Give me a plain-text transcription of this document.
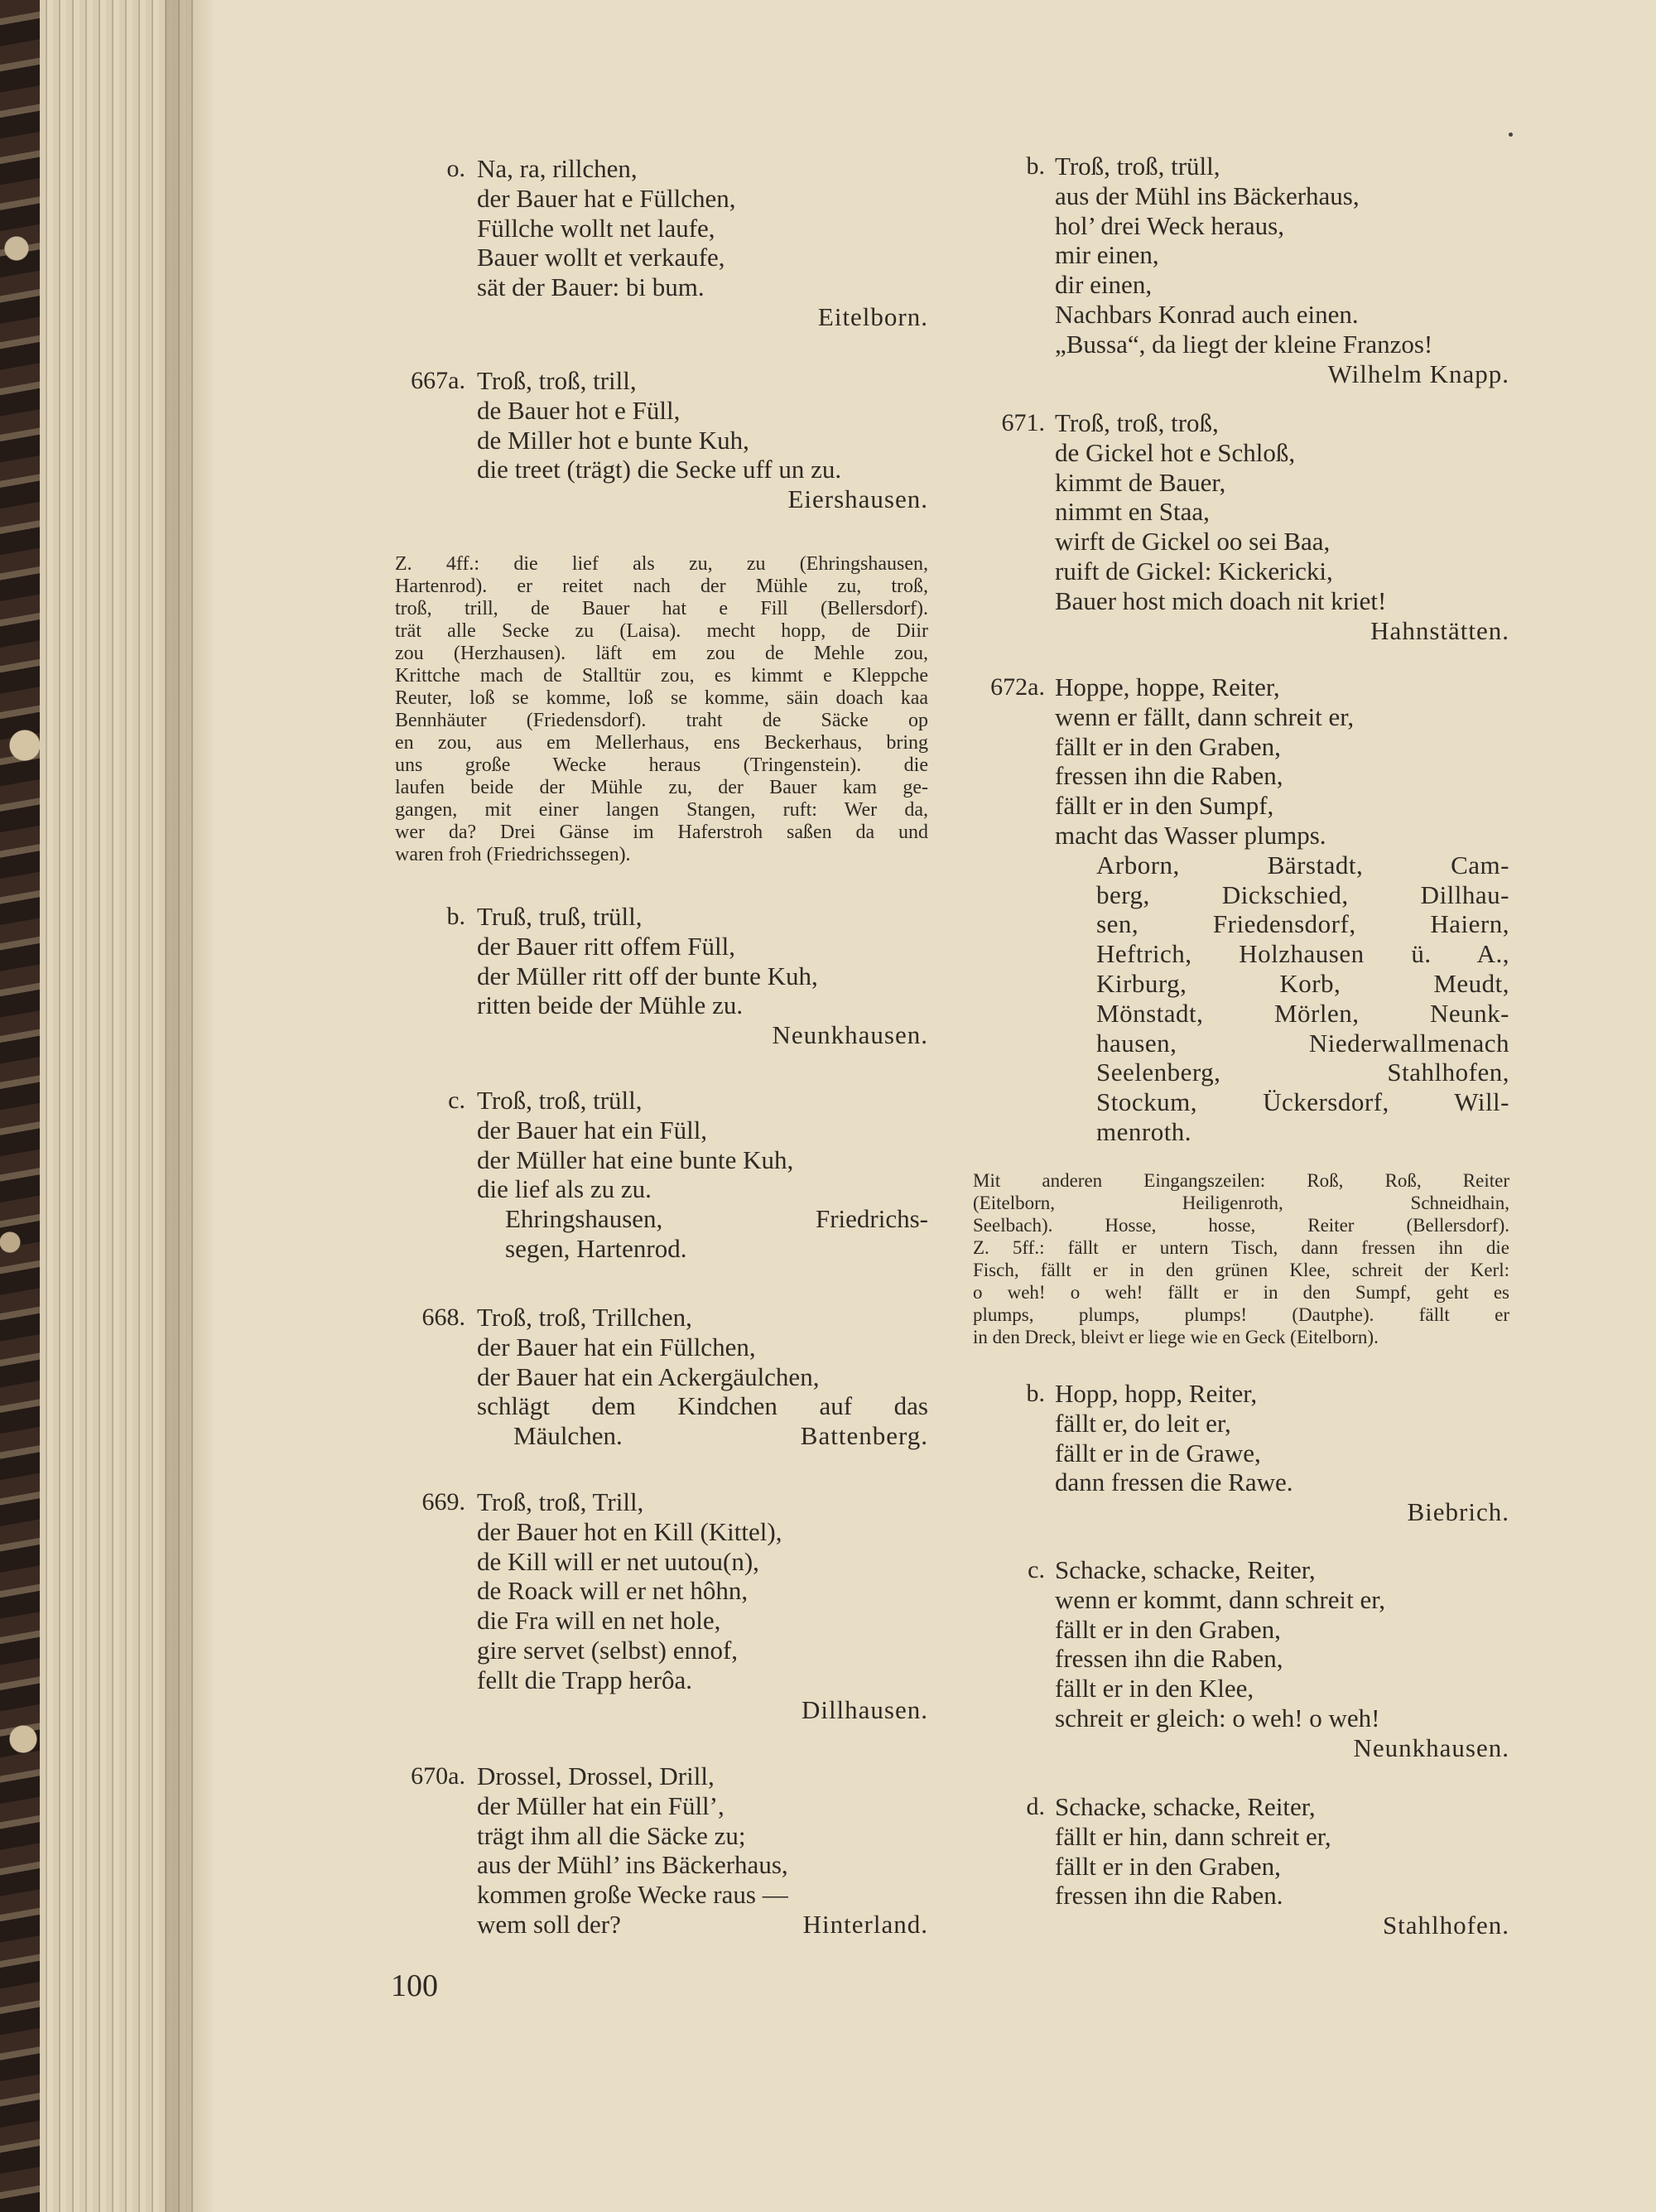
o. Na, ra, rillchen,
der Bauer hat e Füllchen,
Füllche wollt net laufe,
Bauer wollt et verkaufe,
sät der Bauer: bi bum.
Eitelborn.
667a. Troß, troß, trill,
de Bauer hot e Füll,
de Miller hot e bunte Kuh,
die treet (trägt) die Secke uff un zu.
Eiershausen.
Z. 4ff.: die lief als zu, zu (Ehringshausen,
Hartenrod). er reitet nach der Mühle zu, troß,
troß, trill, de Bauer hat e Fill (Bellersdorf).
trät alle Secke zu (Laisa). mecht hopp, de Diir
zou (Herzhausen). läft em zou de Mehle zou,
Krittche mach de Stalltür zou, es kimmt e Kleppche
Reuter, loß se komme, loß se komme, säin doach kaa
Bennhäuter (Friedensdorf). traht de Säcke op
en zou, aus em Mellerhaus, ens Beckerhaus, bring
uns große Wecke heraus (Tringenstein). die
laufen beide der Mühle zu, der Bauer kam ge-
gangen, mit einer langen Stangen, ruft: Wer da,
wer da? Drei Gänse im Haferstroh saßen da und
waren froh (Friedrichssegen).
b. Truß, truß, trüll,
der Bauer ritt offem Füll,
der Müller ritt off der bunte Kuh,
ritten beide der Mühle zu.
Neunkhausen.
c. Troß, troß, trüll,
der Bauer hat ein Füll,
der Müller hat eine bunte Kuh,
die lief als zu zu.
Ehringshausen, Friedrichs-
segen, Hartenrod.
668. Troß, troß, Trillchen,
der Bauer hat ein Füllchen,
der Bauer hat ein Ackergäulchen,
schlägt dem Kindchen auf das
Mäulchen.	Battenberg.
669. Troß, troß, Trill,
der Bauer hot en Kill (Kittel),
de Kill will er net uutou(n),
de Roack will er net hôhn,
die Fra will en net hole,
gire servet (selbst) ennof,
fellt die Trapp herôa.
Dillhausen.
670a. Drossel, Drossel, Drill,
der Müller hat ein Füll’,
trägt ihm all die Säcke zu;
aus der Mühl’ ins Bäckerhaus,
kommen große Wecke raus —
wem soll der?	Hinterland.
b. Troß, troß, trüll,
aus der Mühl ins Bäckerhaus,
hol’ drei Weck heraus,
mir einen,
dir einen,
Nachbars Konrad auch einen.
„Bussa“, da liegt der kleine Franzos!
Wilhelm Knapp.
671. Troß, troß, troß,
de Gickel hot e Schloß,
kimmt de Bauer,
nimmt en Staa,
wirft de Gickel oo sei Baa,
ruift de Gickel: Kickericki,
Bauer host mich doach nit kriet!
Hahnstätten.
672a. Hoppe, hoppe, Reiter,
wenn er fällt, dann schreit er,
fällt er in den Graben,
fressen ihn die Raben,
fällt er in den Sumpf,
macht das Wasser plumps.
Arborn, Bärstadt, Cam-
berg, Dickschied, Dillhau-
sen, Friedensdorf, Haiern,
Heftrich, Holzhausen ü. A.,
Kirburg, Korb, Meudt,
Mönstadt, Mörlen, Neunk-
hausen, Niederwallmenach
Seelenberg, Stahlhofen,
Stockum, Ückersdorf, Will-
menroth.
Mit anderen Eingangszeilen: Roß, Roß, Reiter
(Eitelborn, Heiligenroth, Schneidhain,
Seelbach). Hosse, hosse, Reiter (Bellersdorf).
Z. 5ff.: fällt er untern Tisch, dann fressen ihn die
Fisch, fällt er in den grünen Klee, schreit der Kerl:
o weh! o weh! fällt er in den Sumpf, geht es
plumps, plumps, plumps! (Dautphe). fällt er
in den Dreck, bleivt er liege wie en Geck (Eitelborn).
b. Hopp, hopp, Reiter,
fällt er, do leit er,
fällt er in de Grawe,
dann fressen die Rawe.
Biebrich.
c. Schacke, schacke, Reiter,
wenn er kommt, dann schreit er,
fällt er in den Graben,
fressen ihn die Raben,
fällt er in den Klee,
schreit er gleich: o weh! o weh!
Neunkhausen.
d. Schacke, schacke, Reiter,
fällt er hin, dann schreit er,
fällt er in den Graben,
fressen ihn die Raben.
Stahlhofen.
100
